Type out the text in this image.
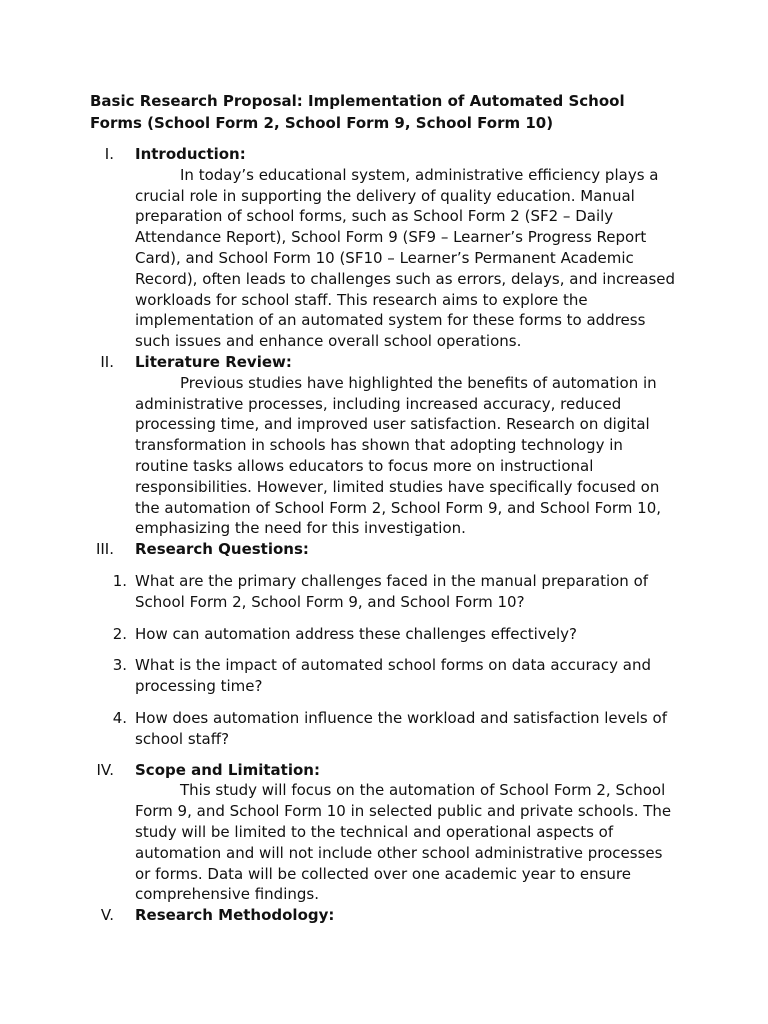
Basic Research Proposal: Implementation of Automated School Forms (School Form 2, School Form 9, School Form 10)

I. Introduction:

In today’s educational system, administrative efficiency plays a crucial role in supporting the delivery of quality education. Manual preparation of school forms, such as School Form 2 (SF2 – Daily Attendance Report), School Form 9 (SF9 – Learner’s Progress Report Card), and School Form 10 (SF10 – Learner’s Permanent Academic Record), often leads to challenges such as errors, delays, and increased workloads for school staff. This research aims to explore the implementation of an automated system for these forms to address such issues and enhance overall school operations.

II. Literature Review:

Previous studies have highlighted the benefits of automation in administrative processes, including increased accuracy, reduced processing time, and improved user satisfaction. Research on digital transformation in schools has shown that adopting technology in routine tasks allows educators to focus more on instructional responsibilities. However, limited studies have specifically focused on the automation of School Form 2, School Form 9, and School Form 10, emphasizing the need for this investigation.

III. Research Questions:
1. What are the primary challenges faced in the manual preparation of School Form 2, School Form 9, and School Form 10?
2. How can automation address these challenges effectively?
3. What is the impact of automated school forms on data accuracy and processing time?
4. How does automation influence the workload and satisfaction levels of school staff?
IV. Scope and Limitation:

This study will focus on the automation of School Form 2, School Form 9, and School Form 10 in selected public and private schools. The study will be limited to the technical and operational aspects of automation and will not include other school administrative processes or forms. Data will be collected over one academic year to ensure comprehensive findings.

V. Research Methodology:
